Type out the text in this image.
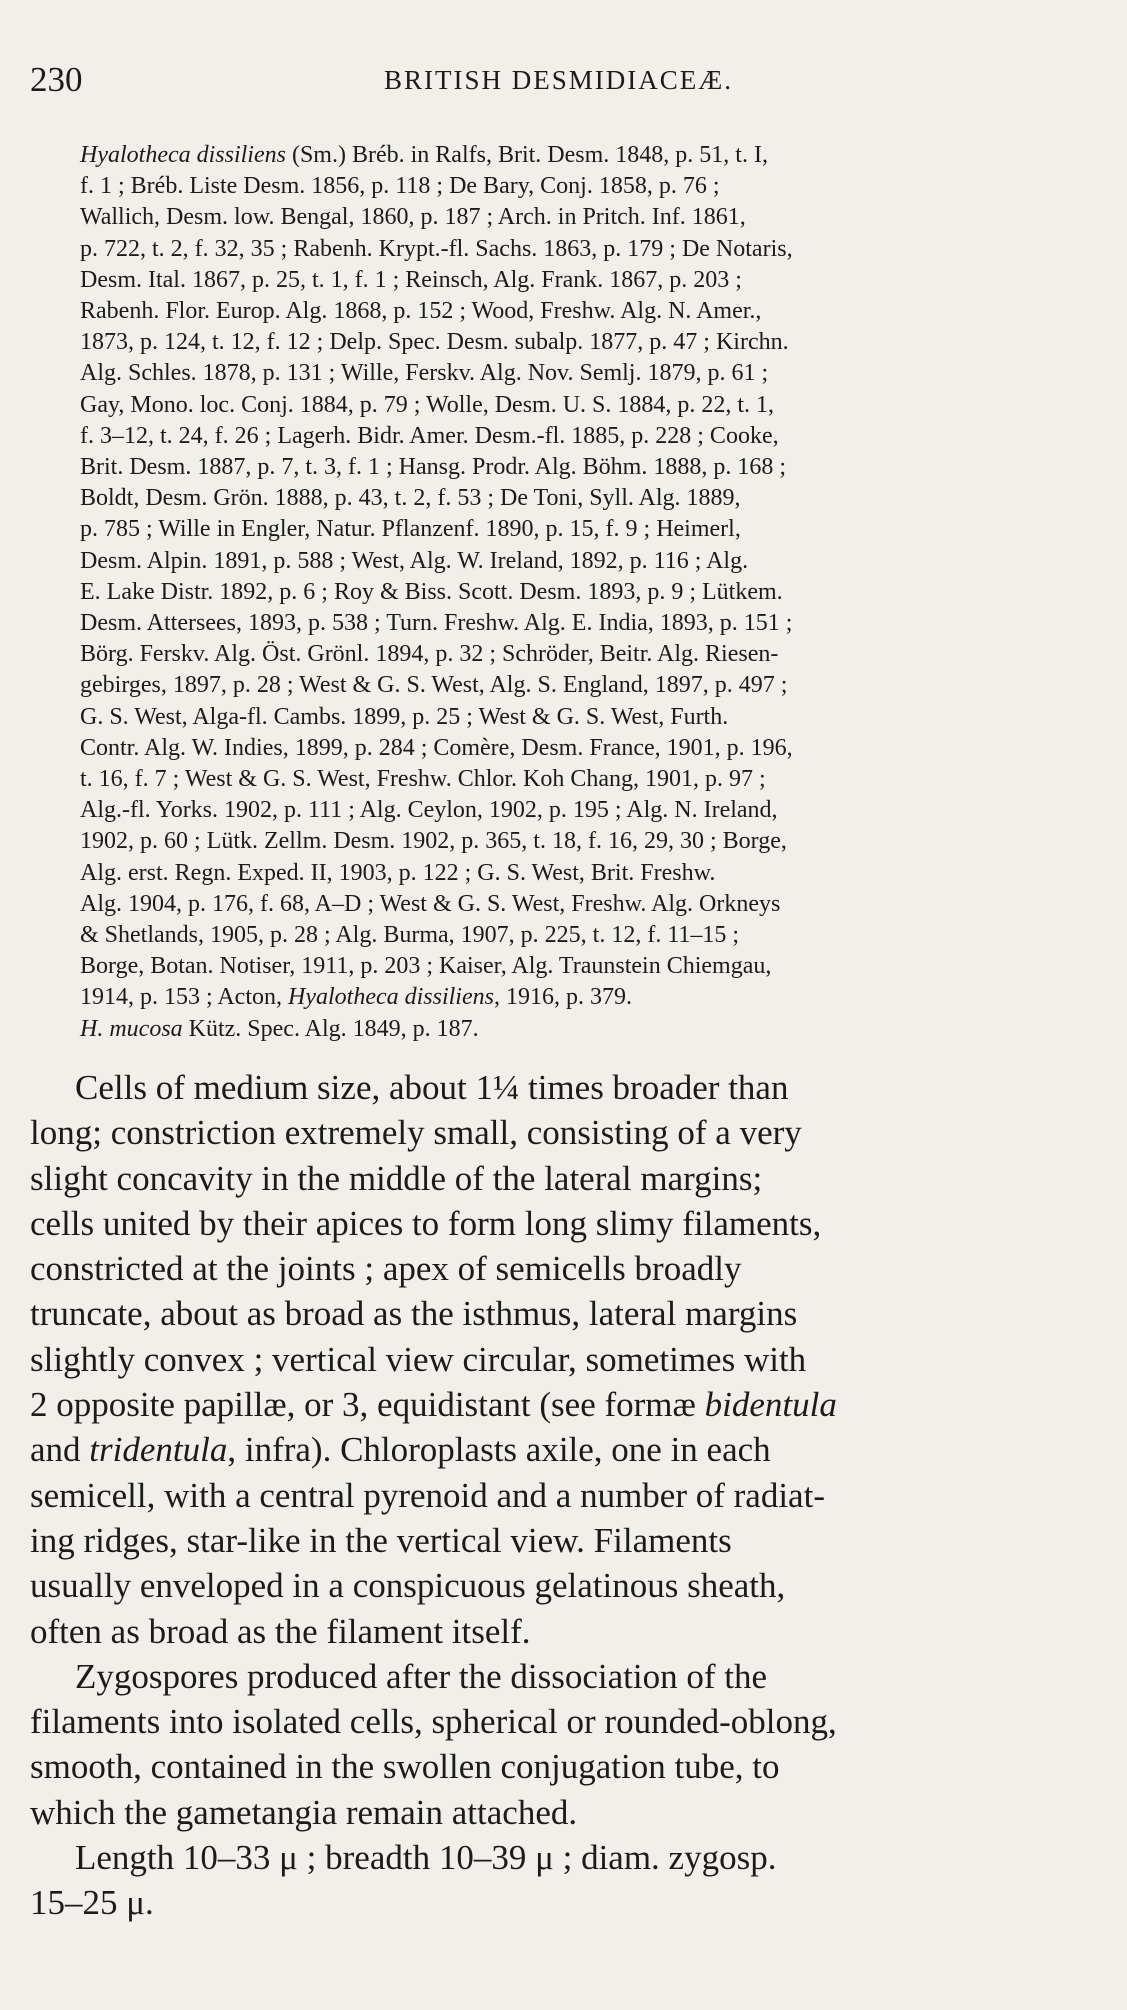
230	BRITISH DESMIDIACEÆ.

Hyalotheca dissiliens (Sm.) Bréb. in Ralfs, Brit. Desm. 1848, p. 51, t. I,
f. 1 ; Bréb. Liste Desm. 1856, p. 118 ; De Bary, Conj. 1858, p. 76 ;
Wallich, Desm. low. Bengal, 1860, p. 187 ; Arch. in Pritch. Inf. 1861,
p. 722, t. 2, f. 32, 35 ; Rabenh. Krypt.-fl. Sachs. 1863, p. 179 ; De Notaris,
Desm. Ital. 1867, p. 25, t. 1, f. 1 ; Reinsch, Alg. Frank. 1867, p. 203 ;
Rabenh. Flor. Europ. Alg. 1868, p. 152 ; Wood, Freshw. Alg. N. Amer.,
1873, p. 124, t. 12, f. 12 ; Delp. Spec. Desm. subalp. 1877, p. 47 ; Kirchn.
Alg. Schles. 1878, p. 131 ; Wille, Ferskv. Alg. Nov. Semlj. 1879, p. 61 ;
Gay, Mono. loc. Conj. 1884, p. 79 ; Wolle, Desm. U. S. 1884, p. 22, t. 1,
f. 3–12, t. 24, f. 26 ; Lagerh. Bidr. Amer. Desm.-fl. 1885, p. 228 ; Cooke,
Brit. Desm. 1887, p. 7, t. 3, f. 1 ; Hansg. Prodr. Alg. Böhm. 1888, p. 168 ;
Boldt, Desm. Grön. 1888, p. 43, t. 2, f. 53 ; De Toni, Syll. Alg. 1889,
p. 785 ; Wille in Engler, Natur. Pflanzenf. 1890, p. 15, f. 9 ; Heimerl,
Desm. Alpin. 1891, p. 588 ; West, Alg. W. Ireland, 1892, p. 116 ; Alg.
E. Lake Distr. 1892, p. 6 ; Roy & Biss. Scott. Desm. 1893, p. 9 ; Lütkem.
Desm. Attersees, 1893, p. 538 ; Turn. Freshw. Alg. E. India, 1893, p. 151 ;
Börg. Ferskv. Alg. Öst. Grönl. 1894, p. 32 ; Schröder, Beitr. Alg. Riesen-
gebirges, 1897, p. 28 ; West & G. S. West, Alg. S. England, 1897, p. 497 ;
G. S. West, Alga-fl. Cambs. 1899, p. 25 ; West & G. S. West, Furth.
Contr. Alg. W. Indies, 1899, p. 284 ; Comère, Desm. France, 1901, p. 196,
t. 16, f. 7 ; West & G. S. West, Freshw. Chlor. Koh Chang, 1901, p. 97 ;
Alg.-fl. Yorks. 1902, p. 111 ; Alg. Ceylon, 1902, p. 195 ; Alg. N. Ireland,
1902, p. 60 ; Lütk. Zellm. Desm. 1902, p. 365, t. 18, f. 16, 29, 30 ; Borge,
Alg. erst. Regn. Exped. II, 1903, p. 122 ; G. S. West, Brit. Freshw.
Alg. 1904, p. 176, f. 68, A–D ; West & G. S. West, Freshw. Alg. Orkneys
& Shetlands, 1905, p. 28 ; Alg. Burma, 1907, p. 225, t. 12, f. 11–15 ;
Borge, Botan. Notiser, 1911, p. 203 ; Kaiser, Alg. Traunstein Chiemgau,
1914, p. 153 ; Acton, Hyalotheca dissiliens, 1916, p. 379.

H. mucosa Kütz. Spec. Alg. 1849, p. 187.

Cells of medium size, about 1¼ times broader than
long; constriction extremely small, consisting of a very
slight concavity in the middle of the lateral margins;
cells united by their apices to form long slimy filaments,
constricted at the joints ; apex of semicells broadly
truncate, about as broad as the isthmus, lateral margins
slightly convex ; vertical view circular, sometimes with
2 opposite papillæ, or 3, equidistant (see formæ bidentula
and tridentula, infra). Chloroplasts axile, one in each
semicell, with a central pyrenoid and a number of radiat-
ing ridges, star-like in the vertical view. Filaments
usually enveloped in a conspicuous gelatinous sheath,
often as broad as the filament itself.
Zygospores produced after the dissociation of the
filaments into isolated cells, spherical or rounded-oblong,
smooth, contained in the swollen conjugation tube, to
which the gametangia remain attached.
Length 10–33 μ ; breadth 10–39 μ ; diam. zygosp.
15–25 μ.
